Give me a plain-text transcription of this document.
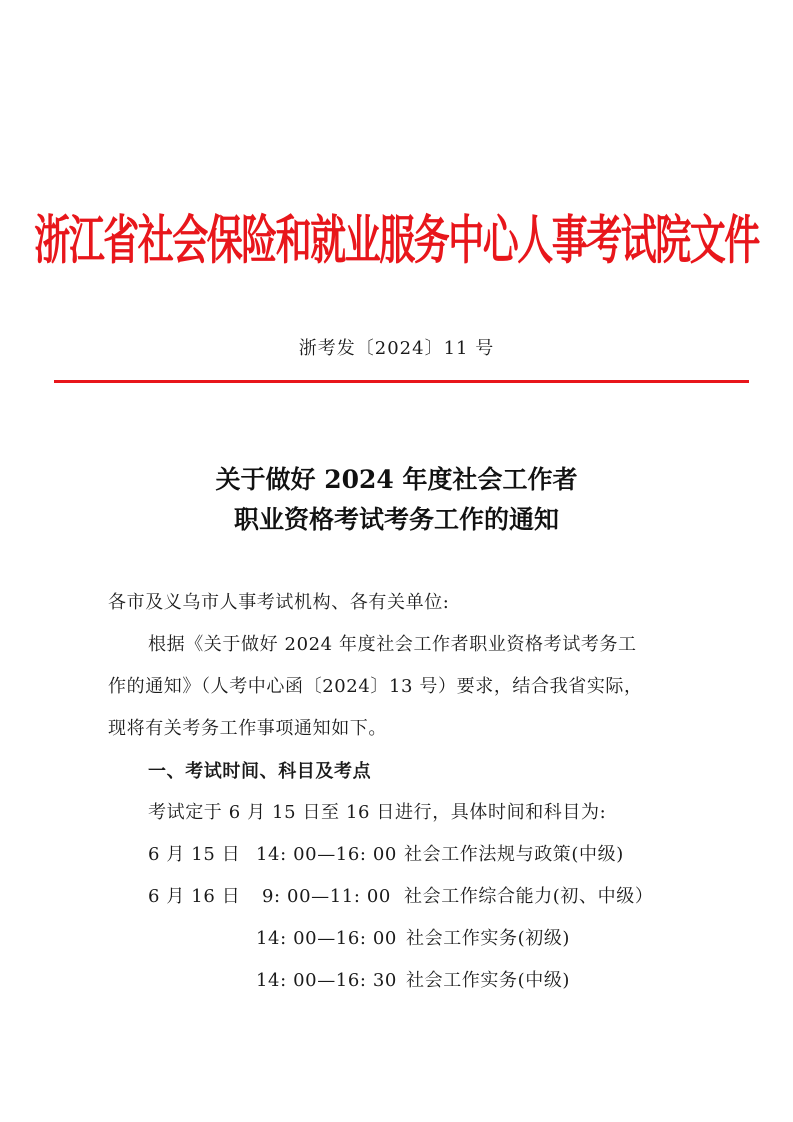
浙江省社会保险和就业服务中心人事考试院文件
浙考发〔2024〕11 号
关于做好 2024 年度社会工作者
职业资格考试考务工作的通知
各市及义乌市人事考试机构、各有关单位:
根据《关于做好 2024 年度社会工作者职业资格考试考务工
作的通知》（人考中心函〔2024〕13 号）要求，结合我省实际，
现将有关考务工作事项通知如下。
一、考试时间、科目及考点
考试定于 6 月 15 日至 16 日进行，具体时间和科目为:
6 月 15 日 14: 00—16: 00 社会工作法规与政策(中级)
6 月 16 日 9: 00—11: 00 社会工作综合能力(初、中级）
14: 00—16: 00 社会工作实务(初级)
14: 00—16: 30 社会工作实务(中级)
